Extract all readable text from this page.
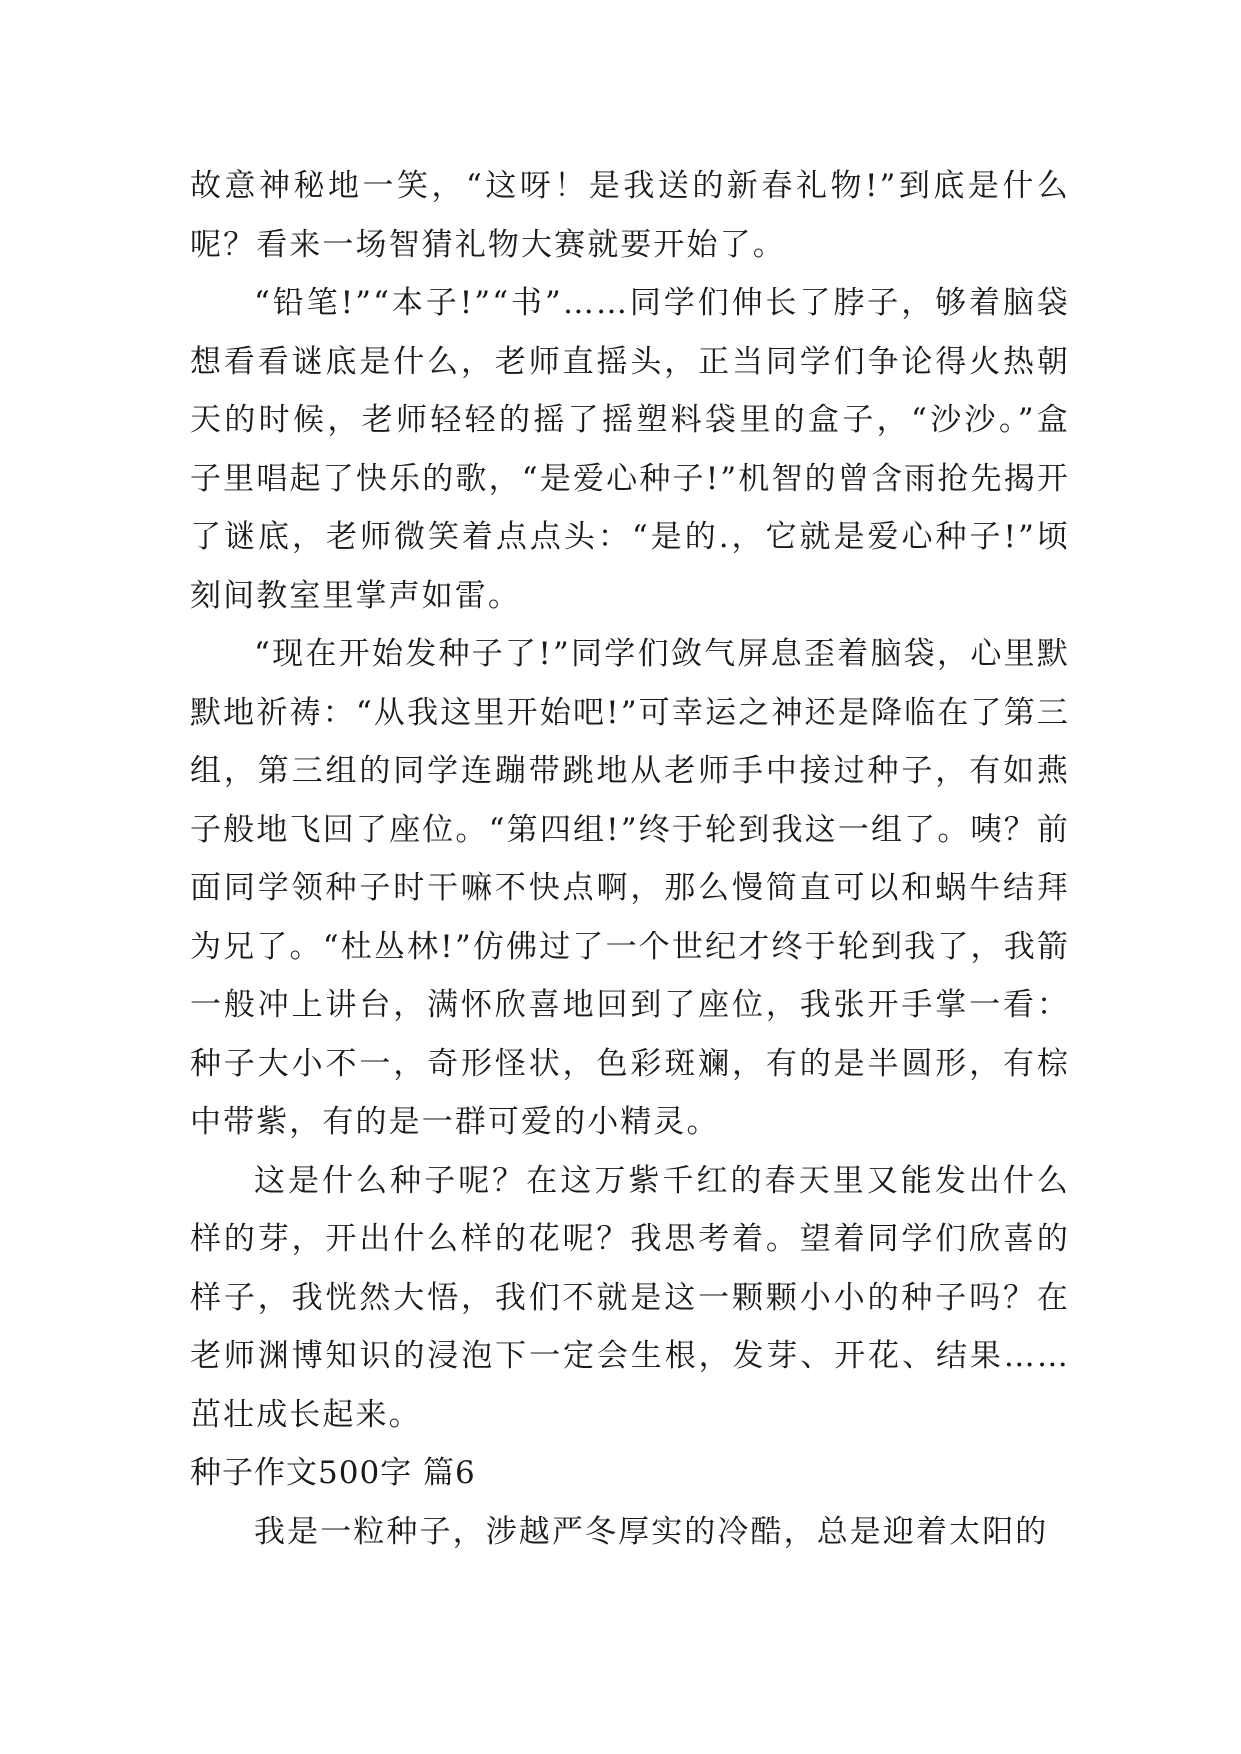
故意神秘地一笑，“这呀！是我送的新春礼物!”到底是什么呢？看来一场智猜礼物大赛就要开始了。

“铅笔!”“本子!”“书”……同学们伸长了脖子，够着脑袋想看看谜底是什么，老师直摇头，正当同学们争论得火热朝天的时候，老师轻轻的摇了摇塑料袋里的盒子，“沙沙。”盒子里唱起了快乐的歌，“是爱心种子!”机智的曾含雨抢先揭开了谜底，老师微笑着点点头：“是的.，它就是爱心种子!”顷刻间教室里掌声如雷。

“现在开始发种子了!”同学们敛气屏息歪着脑袋，心里默默地祈祷：“从我这里开始吧!”可幸运之神还是降临在了第三组，第三组的同学连蹦带跳地从老师手中接过种子，有如燕子般地飞回了座位。“第四组!”终于轮到我这一组了。咦？前面同学领种子时干嘛不快点啊，那么慢简直可以和蜗牛结拜为兄了。“杜丛林!”仿佛过了一个世纪才终于轮到我了，我箭一般冲上讲台，满怀欣喜地回到了座位，我张开手掌一看：种子大小不一，奇形怪状，色彩斑斓，有的是半圆形，有棕中带紫，有的是一群可爱的小精灵。

这是什么种子呢？在这万紫千红的春天里又能发出什么样的芽，开出什么样的花呢？我思考着。望着同学们欣喜的样子，我恍然大悟，我们不就是这一颗颗小小的种子吗？在老师渊博知识的浸泡下一定会生根，发芽、开花、结果……茁壮成长起来。

种子作文500字 篇6

我是一粒种子，涉越严冬厚实的冷酷，总是迎着太阳的
